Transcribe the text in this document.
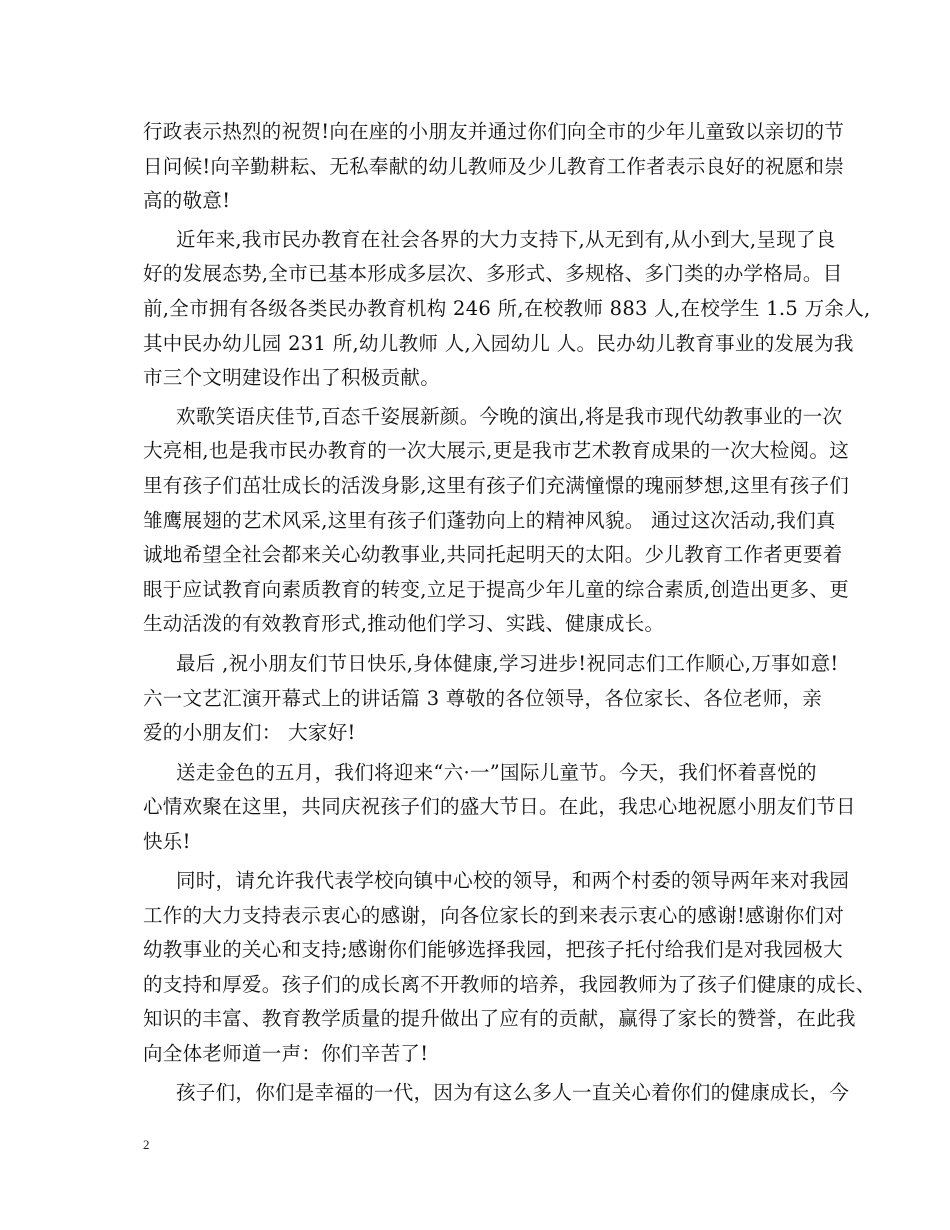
行政表示热烈的祝贺!向在座的小朋友并通过你们向全市的少年儿童致以亲切的节
日问候!向辛勤耕耘、无私奉献的幼儿教师及少儿教育工作者表示良好的祝愿和崇
高的敬意!
近年来,我市民办教育在社会各界的大力支持下,从无到有,从小到大,呈现了良
好的发展态势,全市已基本形成多层次、多形式、多规格、多门类的办学格局。目
前,全市拥有各级各类民办教育机构 246 所,在校教师 883 人,在校学生 1.5 万余人,
其中民办幼儿园 231 所,幼儿教师 人,入园幼儿 人。民办幼儿教育事业的发展为我
市三个文明建设作出了积极贡献。
欢歌笑语庆佳节,百态千姿展新颜。今晚的演出,将是我市现代幼教事业的一次
大亮相,也是我市民办教育的一次大展示,更是我市艺术教育成果的一次大检阅。这
里有孩子们茁壮成长的活泼身影,这里有孩子们充满憧憬的瑰丽梦想,这里有孩子们
雏鹰展翅的艺术风采,这里有孩子们蓬勃向上的精神风貌。 通过这次活动,我们真
诚地希望全社会都来关心幼教事业,共同托起明天的太阳。少儿教育工作者更要着
眼于应试教育向素质教育的转变,立足于提高少年儿童的综合素质,创造出更多、更
生动活泼的有效教育形式,推动他们学习、实践、健康成长。
最后 ,祝小朋友们节日快乐,身体健康,学习进步!祝同志们工作顺心,万事如意!
六一文艺汇演开幕式上的讲话篇 3 尊敬的各位领导，各位家长、各位老师，亲
爱的小朋友们： 大家好!
送走金色的五月，我们将迎来“六·一”国际儿童节。今天，我们怀着喜悦的
心情欢聚在这里，共同庆祝孩子们的盛大节日。在此，我忠心地祝愿小朋友们节日
快乐!
同时，请允许我代表学校向镇中心校的领导，和两个村委的领导两年来对我园
工作的大力支持表示衷心的感谢，向各位家长的到来表示衷心的感谢!感谢你们对
幼教事业的关心和支持;感谢你们能够选择我园，把孩子托付给我们是对我园极大
的支持和厚爱。孩子们的成长离不开教师的培养，我园教师为了孩子们健康的成长、
知识的丰富、教育教学质量的提升做出了应有的贡献，赢得了家长的赞誉，在此我
向全体老师道一声：你们辛苦了!
孩子们，你们是幸福的一代，因为有这么多人一直关心着你们的健康成长，今
2
